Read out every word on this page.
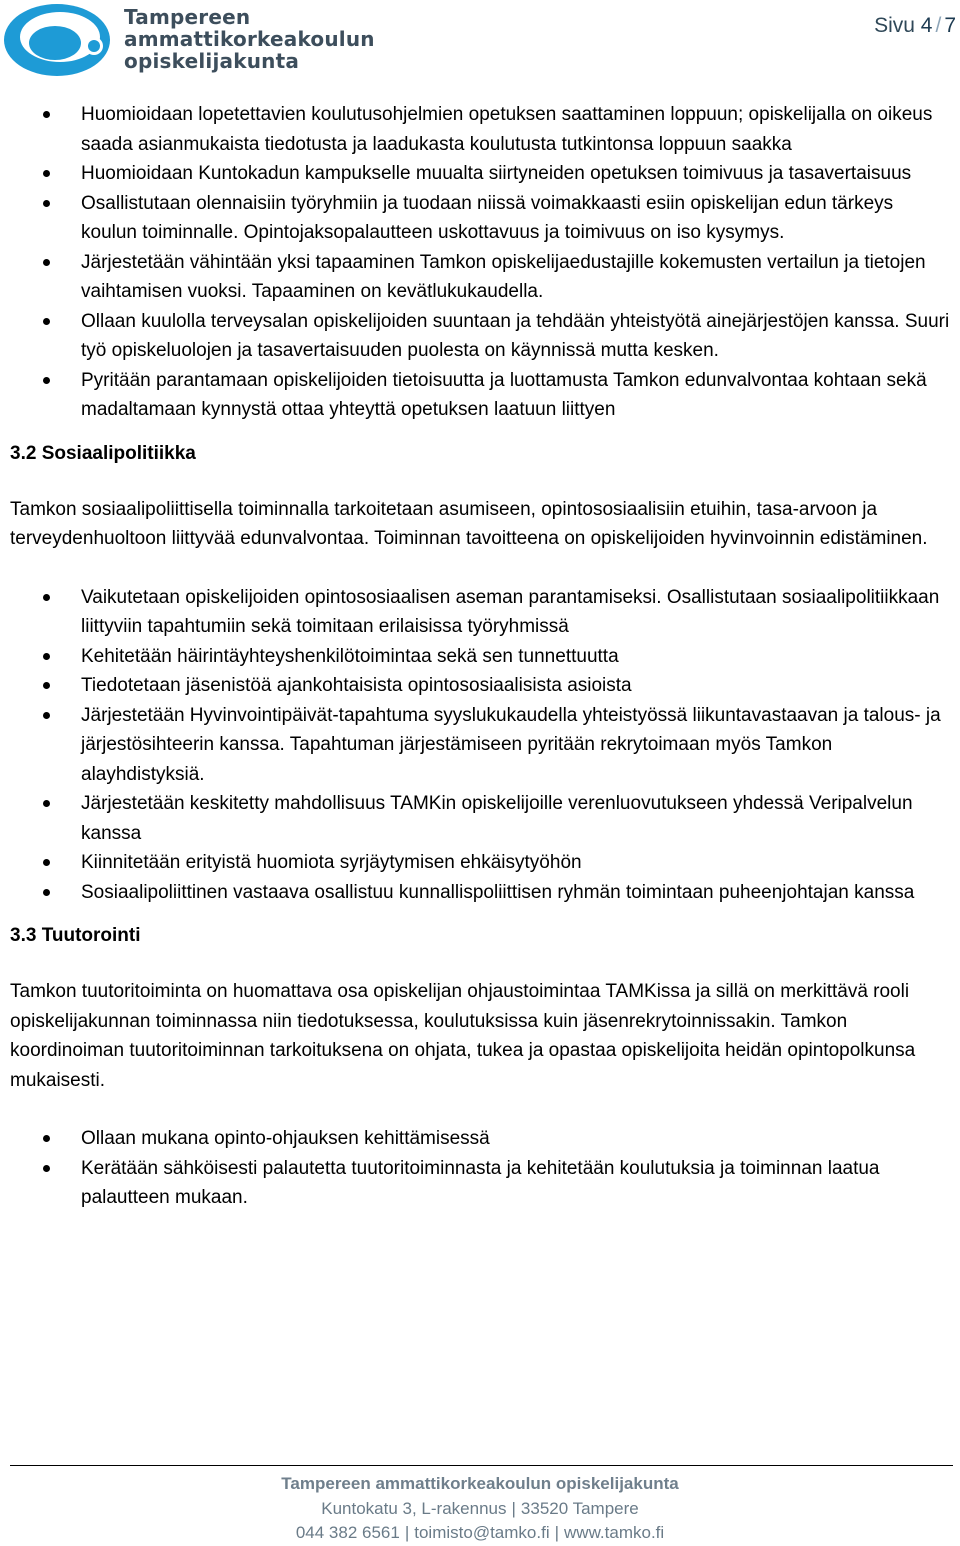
Tampereen
ammattikorkeakoulun
opiskelijakunta
Sivu 4 / 7
Huomioidaan lopetettavien koulutusohjelmien opetuksen saattaminen loppuun; opiskelijalla on oikeus saada asianmukaista tiedotusta ja laadukasta koulutusta tutkintonsa loppuun saakka
Huomioidaan Kuntokadun kampukselle muualta siirtyneiden opetuksen toimivuus ja tasavertaisuus
Osallistutaan olennaisiin työryhmiin ja tuodaan niissä voimakkaasti esiin opiskelijan edun tärkeys koulun toiminnalle. Opintojaksopalautteen uskottavuus ja toimivuus on iso kysymys.
Järjestetään vähintään yksi tapaaminen Tamkon opiskelijaedustajille kokemusten vertailun ja tietojen vaihtamisen vuoksi. Tapaaminen on kevätlukukaudella.
Ollaan kuulolla terveysalan opiskelijoiden suuntaan ja tehdään yhteistyötä ainejärjestöjen kanssa. Suuri työ opiskeluolojen ja tasavertaisuuden puolesta on käynnissä mutta kesken.
Pyritään parantamaan opiskelijoiden tietoisuutta ja luottamusta Tamkon edunvalvontaa kohtaan sekä madaltamaan kynnystä ottaa yhteyttä opetuksen laatuun liittyen
3.2 Sosiaalipolitiikka

Tamkon sosiaalipoliittisella toiminnalla tarkoitetaan asumiseen, opintososiaalisiin etuihin, tasa-arvoon ja terveydenhuoltoon liittyvää edunvalvontaa. Toiminnan tavoitteena on opiskelijoiden hyvinvoinnin edistäminen.

Vaikutetaan opiskelijoiden opintososiaalisen aseman parantamiseksi. Osallistutaan sosiaalipolitiikkaan liittyviin tapahtumiin sekä toimitaan erilaisissa työryhmissä
Kehitetään häirintäyhteyshenkilötoimintaa sekä sen tunnettuutta
Tiedotetaan jäsenistöä ajankohtaisista opintososiaalisista asioista
Järjestetään Hyvinvointipäivät-tapahtuma syyslukukaudella yhteistyössä liikuntavastaavan ja talous- ja järjestösihteerin kanssa. Tapahtuman järjestämiseen pyritään rekrytoimaan myös Tamkon alayhdistyksiä.
Järjestetään keskitetty mahdollisuus TAMKin opiskelijoille verenluovutukseen yhdessä Veripalvelun kanssa
Kiinnitetään erityistä huomiota syrjäytymisen ehkäisytyöhön
Sosiaalipoliittinen vastaava osallistuu kunnallispoliittisen ryhmän toimintaan puheenjohtajan kanssa
3.3 Tuutorointi

Tamkon tuutoritoiminta on huomattava osa opiskelijan ohjaustoimintaa TAMKissa ja sillä on merkittävä rooli opiskelijakunnan toiminnassa niin tiedotuksessa, koulutuksissa kuin jäsenrekrytoinnissakin. Tamkon koordinoiman tuutoritoiminnan tarkoituksena on ohjata, tukea ja opastaa opiskelijoita heidän opintopolkunsa mukaisesti.

Ollaan mukana opinto-ohjauksen kehittämisessä
Kerätään sähköisesti palautetta tuutoritoiminnasta ja kehitetään koulutuksia ja toiminnan laatua palautteen mukaan.
Tampereen ammattikorkeakoulun opiskelijakunta
Kuntokatu 3, L-rakennus | 33520 Tampere
044 382 6561 | toimisto@tamko.fi | www.tamko.fi
